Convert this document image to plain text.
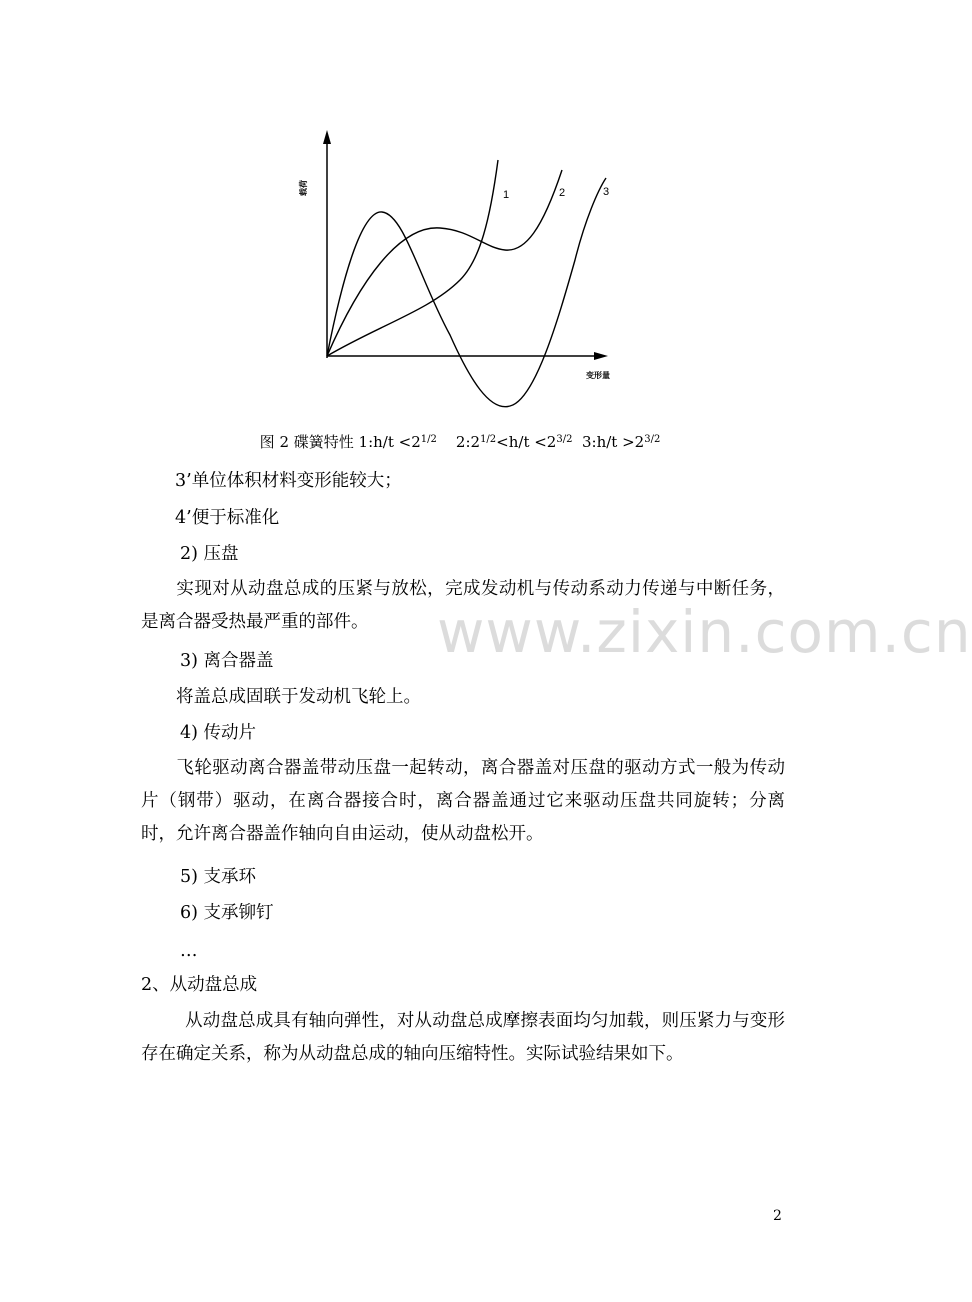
1	2	3
载荷
变形量
图 2 碟簧特性 1:h/t $<2^{1/2}$    $2:2^{1/2}<h/t <2^{3/2}$  3:h/t $>2^{3/2}$
3’单位体积材料变形能较大；
4’便于标准化
2) 压盘
实现对从动盘总成的压紧与放松，完成发动机与传动系动力传递与中断任务，是离合器受热最严重的部件。
3) 离合器盖
将盖总成固联于发动机飞轮上。
4) 传动片
飞轮驱动离合器盖带动压盘一起转动，离合器盖对压盘的驱动方式一般为传动片（钢带）驱动，在离合器接合时，离合器盖通过它来驱动压盘共同旋转；分离时，允许离合器盖作轴向自由运动，使从动盘松开。
5) 支承环
6) 支承铆钉
…
2、从动盘总成
从动盘总成具有轴向弹性，对从动盘总成摩擦表面均匀加载，则压紧力与变形存在确定关系，称为从动盘总成的轴向压缩特性。实际试验结果如下。
www.zixin.com.cn
2
